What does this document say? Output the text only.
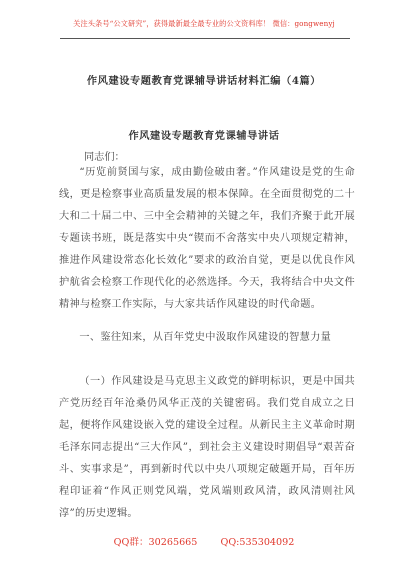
关注头条号“公文研究”，获得最新最全最专业的公文资料库！ 微信：gongwenyj
作风建设专题教育党课辅导讲话材料汇编（4篇）
作风建设专题教育党课辅导讲话
同志们：

“历览前贤国与家，成由勤俭破由奢。”作风建设是党的生命线，更是检察事业高质量发展的根本保障。在全面贯彻党的二十大和二十届二中、三中全会精神的关键之年，我们齐聚于此开展专题读书班，既是落实中央“锲而不舍落实中央八项规定精神，推进作风建设常态化长效化”要求的政治自觉，更是以优良作风护航省会检察工作现代化的必然选择。今天，我将结合中央文件精神与检察工作实际，与大家共话作风建设的时代命题。

一、鉴往知来，从百年党史中汲取作风建设的智慧力量

（一）作风建设是马克思主义政党的鲜明标识，更是中国共产党历经百年沧桑仍风华正茂的关键密码。我们党自成立之日起，便将作风建设嵌入党的建设全过程。从新民主主义革命时期毛泽东同志提出“三大作风”，到社会主义建设时期倡导“艰苦奋斗、实事求是”，再到新时代以中央八项规定破题开局，百年历程印证着“作风正则党风端，党风端则政风清，政风清则社风淳”的历史逻辑。

QQ群：30265665 QQ:535304092
